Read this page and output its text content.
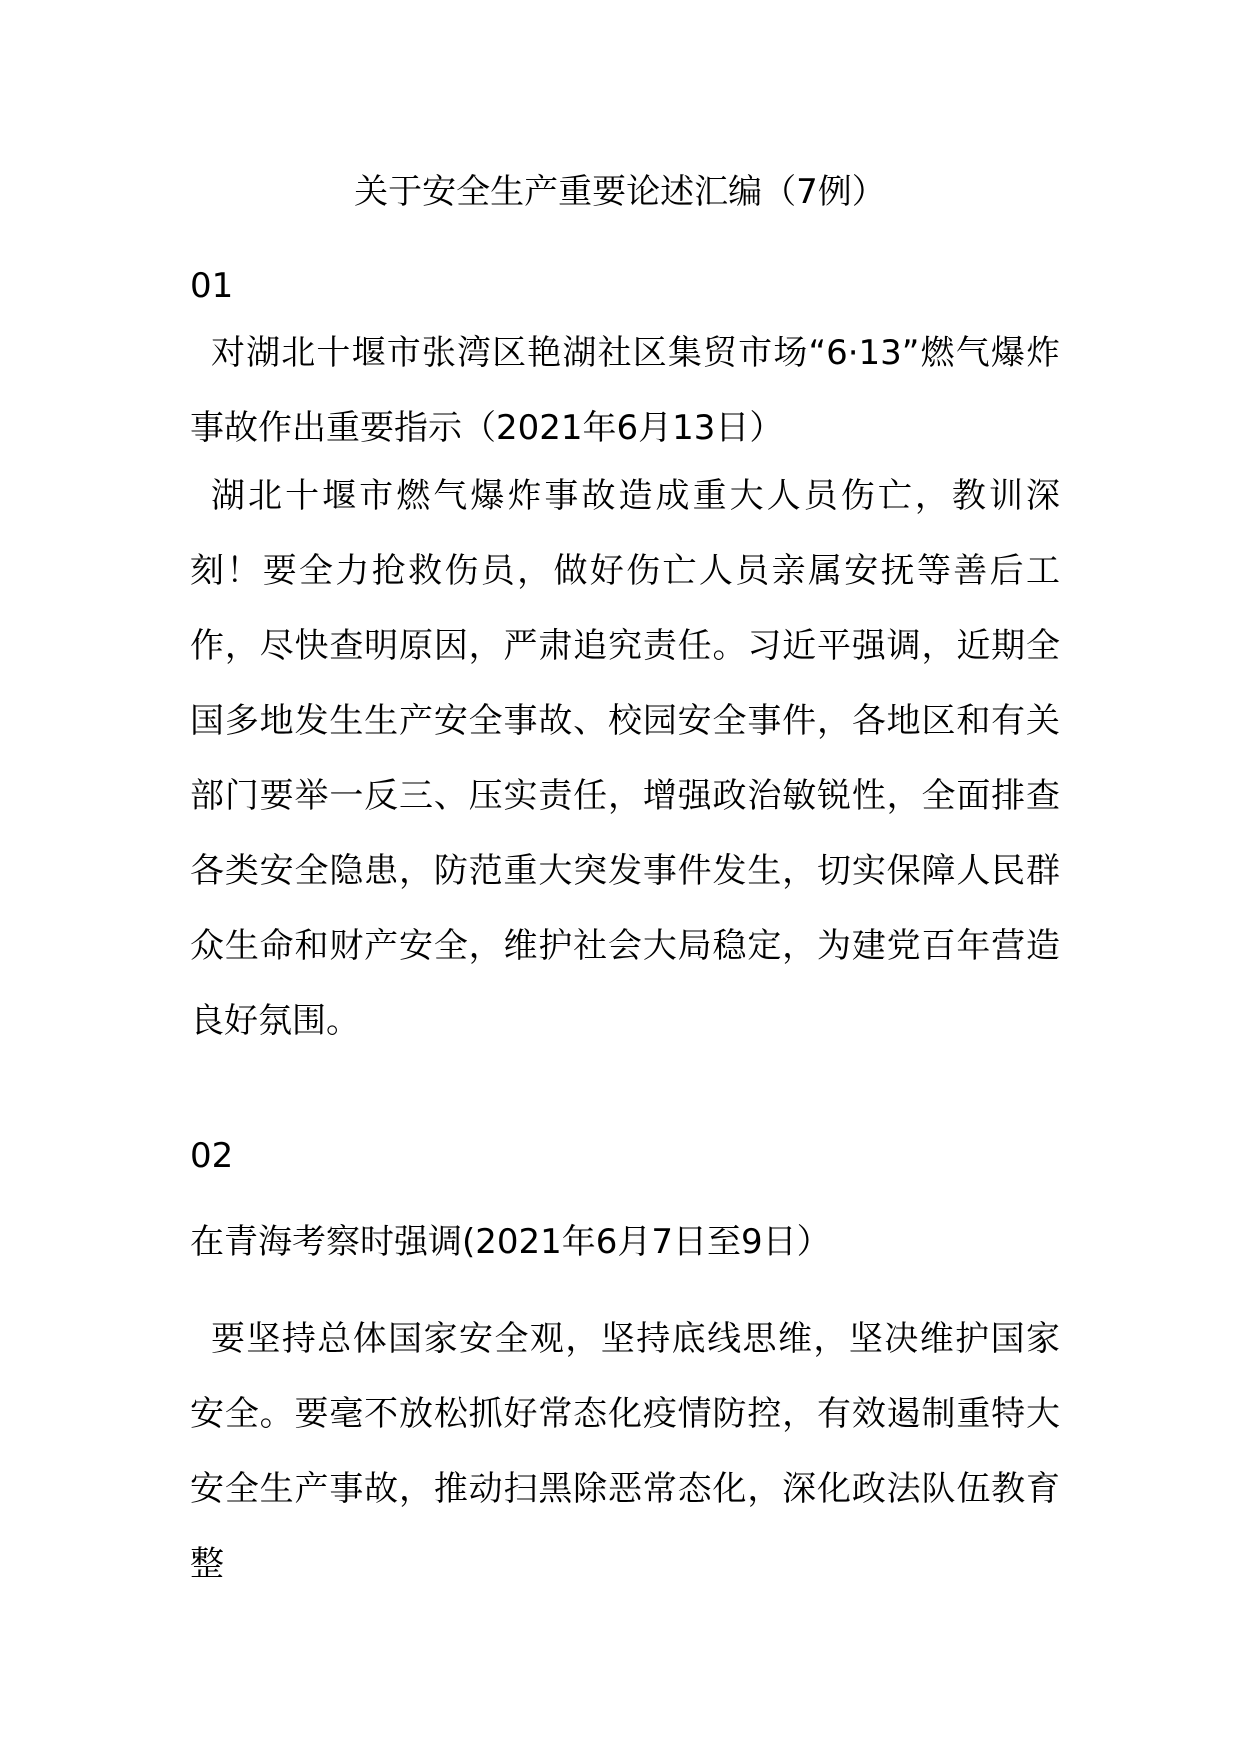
关于安全生产重要论述汇编（7例）
01

对湖北十堰市张湾区艳湖社区集贸市场“6·13”燃气爆炸事故作出重要指示（2021年6月13日）

湖北十堰市燃气爆炸事故造成重大人员伤亡，教训深刻！要全力抢救伤员，做好伤亡人员亲属安抚等善后工作，尽快查明原因，严肃追究责任。习近平强调，近期全国多地发生生产安全事故、校园安全事件，各地区和有关部门要举一反三、压实责任，增强政治敏锐性，全面排查各类安全隐患，防范重大突发事件发生，切实保障人民群众生命和财产安全，维护社会大局稳定，为建党百年营造良好氛围。

02
在青海考察时强调(2021年6月7日至9日）

要坚持总体国家安全观，坚持底线思维，坚决维护国家安全。要毫不放松抓好常态化疫情防控，有效遏制重特大安全生产事故，推动扫黑除恶常态化，深化政法队伍教育整
